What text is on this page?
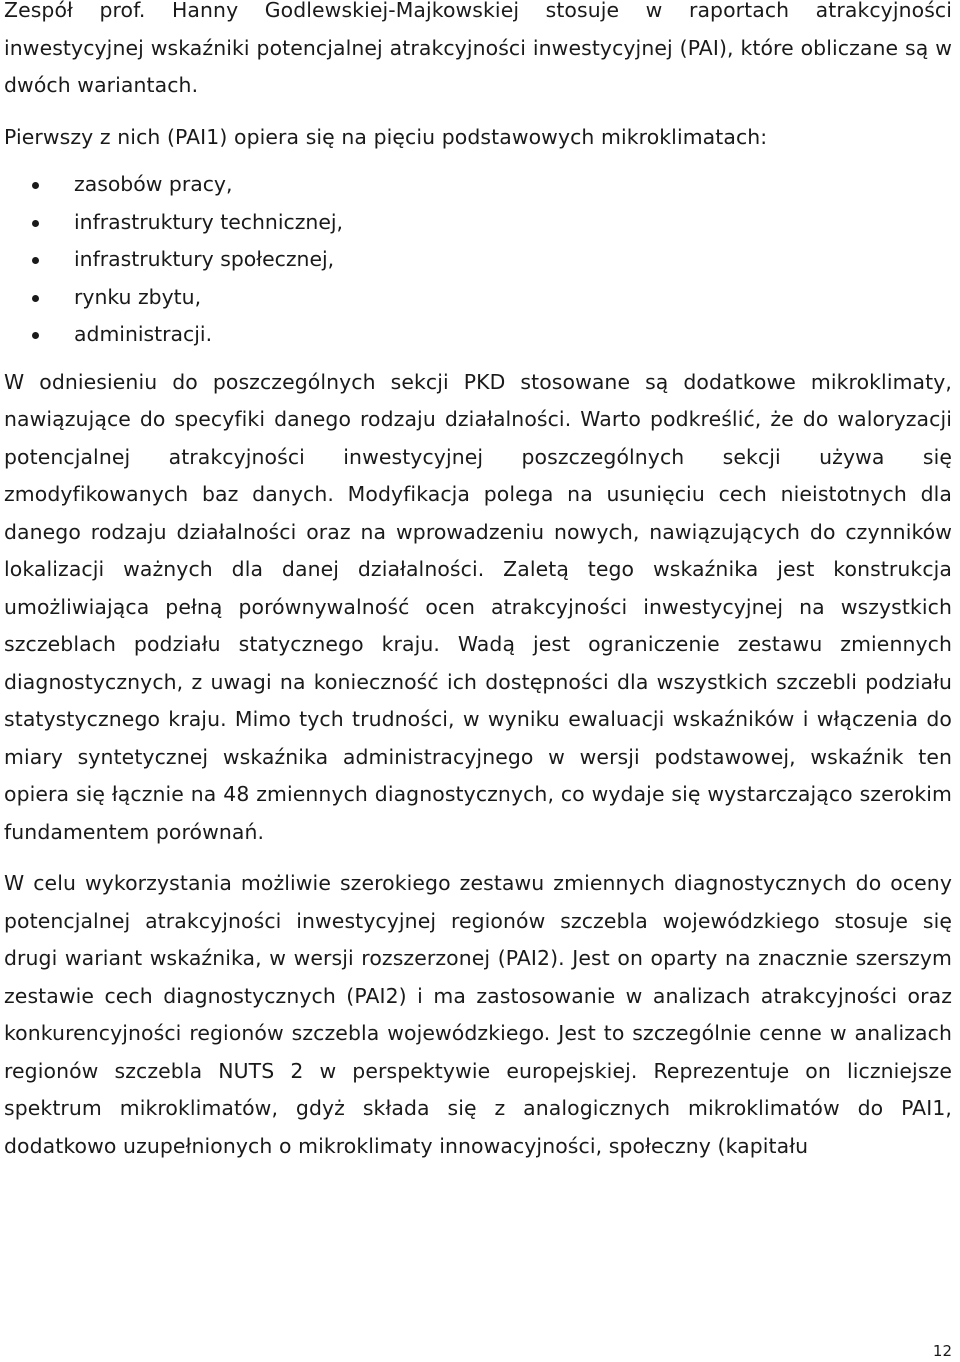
Zespół prof. Hanny Godlewskiej-Majkowskiej stosuje w raportach atrakcyjności inwestycyjnej wskaźniki potencjalnej atrakcyjności inwestycyjnej (PAI), które obliczane są w dwóch wariantach.

Pierwszy z nich (PAI1) opiera się na pięciu podstawowych mikroklimatach:

zasobów pracy,
infrastruktury technicznej,
infrastruktury społecznej,
rynku zbytu,
administracji.

W odniesieniu do poszczególnych sekcji PKD stosowane są dodatkowe mikroklimaty, nawiązujące do specyfiki danego rodzaju działalności. Warto podkreślić, że do waloryzacji potencjalnej atrakcyjności inwestycyjnej poszczególnych sekcji używa się zmodyfikowanych baz danych. Modyfikacja polega na usunięciu cech nieistotnych dla danego rodzaju działalności oraz na wprowadzeniu nowych, nawiązujących do czynników lokalizacji ważnych dla danej działalności. Zaletą tego wskaźnika jest konstrukcja umożliwiająca pełną porównywalność ocen atrakcyjności inwestycyjnej na wszystkich szczeblach podziału statycznego kraju. Wadą jest ograniczenie zestawu zmiennych diagnostycznych, z uwagi na konieczność ich dostępności dla wszystkich szczebli podziału statystycznego kraju. Mimo tych trudności, w wyniku ewaluacji wskaźników i włączenia do miary syntetycznej wskaźnika administracyjnego w wersji podstawowej, wskaźnik ten opiera się łącznie na 48 zmiennych diagnostycznych, co wydaje się wystarczająco szerokim fundamentem porównań.

W celu wykorzystania możliwie szerokiego zestawu zmiennych diagnostycznych do oceny potencjalnej atrakcyjności inwestycyjnej regionów szczebla wojewódzkiego stosuje się drugi wariant wskaźnika, w wersji rozszerzonej (PAI2). Jest on oparty na znacznie szerszym zestawie cech diagnostycznych (PAI2) i ma zastosowanie w analizach atrakcyjności oraz konkurencyjności regionów szczebla wojewódzkiego. Jest to szczególnie cenne w analizach regionów szczebla NUTS 2 w perspektywie europejskiej. Reprezentuje on liczniejsze spektrum mikroklimatów, gdyż składa się z analogicznych mikroklimatów do PAI1, dodatkowo uzupełnionych o mikroklimaty innowacyjności, społeczny (kapitału

12
